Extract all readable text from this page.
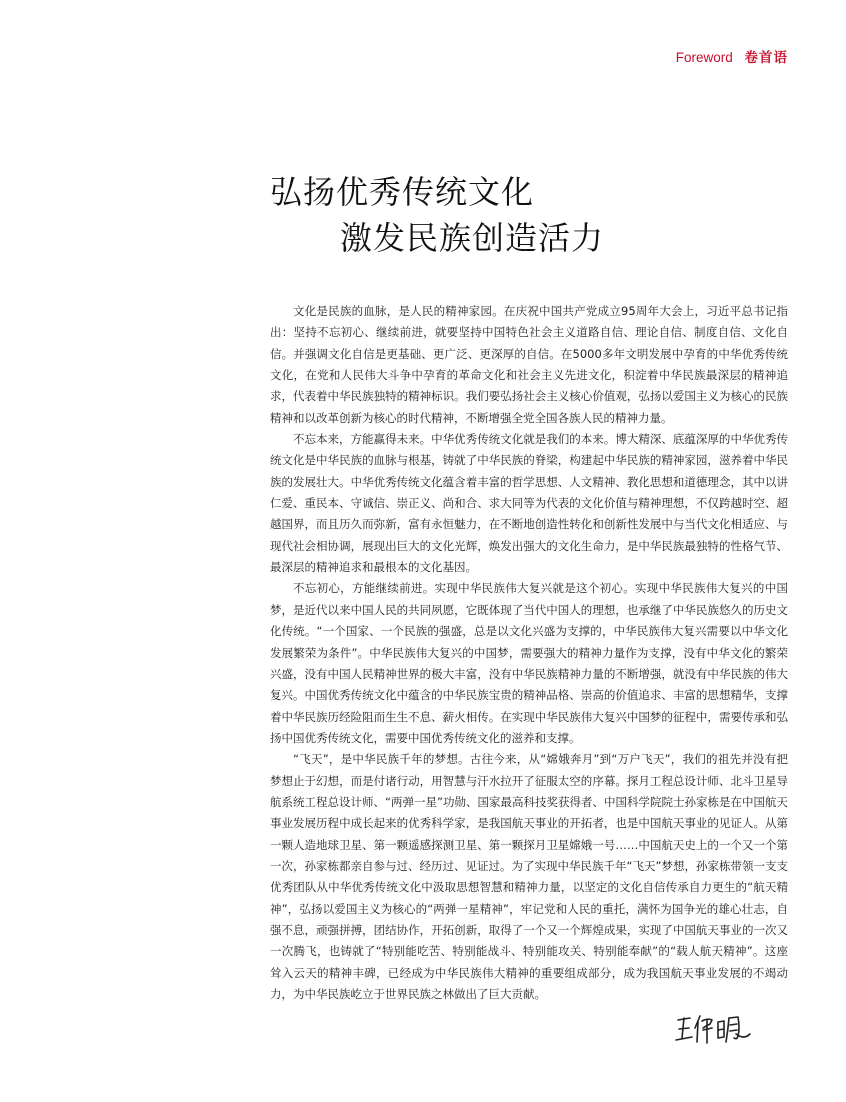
Foreword 卷首语
弘扬优秀传统文化
激发民族创造活力

文化是民族的血脉，是人民的精神家园。在庆祝中国共产党成立95周年大会上，习近平总书记指出：坚持不忘初心、继续前进，就要坚持中国特色社会主义道路自信、理论自信、制度自信、文化自信。并强调文化自信是更基础、更广泛、更深厚的自信。在5000多年文明发展中孕育的中华优秀传统文化，在党和人民伟大斗争中孕育的革命文化和社会主义先进文化，积淀着中华民族最深层的精神追求，代表着中华民族独特的精神标识。我们要弘扬社会主义核心价值观，弘扬以爱国主义为核心的民族精神和以改革创新为核心的时代精神，不断增强全党全国各族人民的精神力量。

不忘本来，方能赢得未来。中华优秀传统文化就是我们的本来。博大精深、底蕴深厚的中华优秀传统文化是中华民族的血脉与根基，铸就了中华民族的脊梁，构建起中华民族的精神家园，滋养着中华民族的发展壮大。中华优秀传统文化蕴含着丰富的哲学思想、人文精神、教化思想和道德理念，其中以讲仁爱、重民本、守诚信、崇正义、尚和合、求大同等为代表的文化价值与精神理想，不仅跨越时空、超越国界，而且历久而弥新，富有永恒魅力，在不断地创造性转化和创新性发展中与当代文化相适应、与现代社会相协调，展现出巨大的文化光辉，焕发出强大的文化生命力，是中华民族最独特的性格气节、最深层的精神追求和最根本的文化基因。

不忘初心，方能继续前进。实现中华民族伟大复兴就是这个初心。实现中华民族伟大复兴的中国梦，是近代以来中国人民的共同夙愿，它既体现了当代中国人的理想，也承继了中华民族悠久的历史文化传统。“一个国家、一个民族的强盛，总是以文化兴盛为支撑的，中华民族伟大复兴需要以中华文化发展繁荣为条件”。中华民族伟大复兴的中国梦，需要强大的精神力量作为支撑，没有中华文化的繁荣兴盛，没有中国人民精神世界的极大丰富，没有中华民族精神力量的不断增强，就没有中华民族的伟大复兴。中国优秀传统文化中蕴含的中华民族宝贵的精神品格、崇高的价值追求、丰富的思想精华，支撑着中华民族历经险阻而生生不息、薪火相传。在实现中华民族伟大复兴中国梦的征程中，需要传承和弘扬中国优秀传统文化，需要中国优秀传统文化的滋养和支撑。

“飞天”，是中华民族千年的梦想。古往今来，从“嫦娥奔月”到“万户飞天”，我们的祖先并没有把梦想止于幻想，而是付诸行动，用智慧与汗水拉开了征服太空的序幕。探月工程总设计师、北斗卫星导航系统工程总设计师、“两弹一星”功勋、国家最高科技奖获得者、中国科学院院士孙家栋是在中国航天事业发展历程中成长起来的优秀科学家，是我国航天事业的开拓者，也是中国航天事业的见证人。从第一颗人造地球卫星、第一颗遥感探测卫星、第一颗探月卫星嫦娥一号……中国航天史上的一个又一个第一次，孙家栋都亲自参与过、经历过、见证过。为了实现中华民族千年“飞天”梦想，孙家栋带领一支支优秀团队从中华优秀传统文化中汲取思想智慧和精神力量，以坚定的文化自信传承自力更生的“航天精神”，弘扬以爱国主义为核心的“两弹一星精神”，牢记党和人民的重托，满怀为国争光的雄心壮志，自强不息，顽强拼搏，团结协作，开拓创新，取得了一个又一个辉煌成果，实现了中国航天事业的一次又一次腾飞，也铸就了“特别能吃苦、特别能战斗、特别能攻关、特别能奉献”的“载人航天精神”。这座耸入云天的精神丰碑，已经成为中华民族伟大精神的重要组成部分，成为我国航天事业发展的不竭动力，为中华民族屹立于世界民族之林做出了巨大贡献。
